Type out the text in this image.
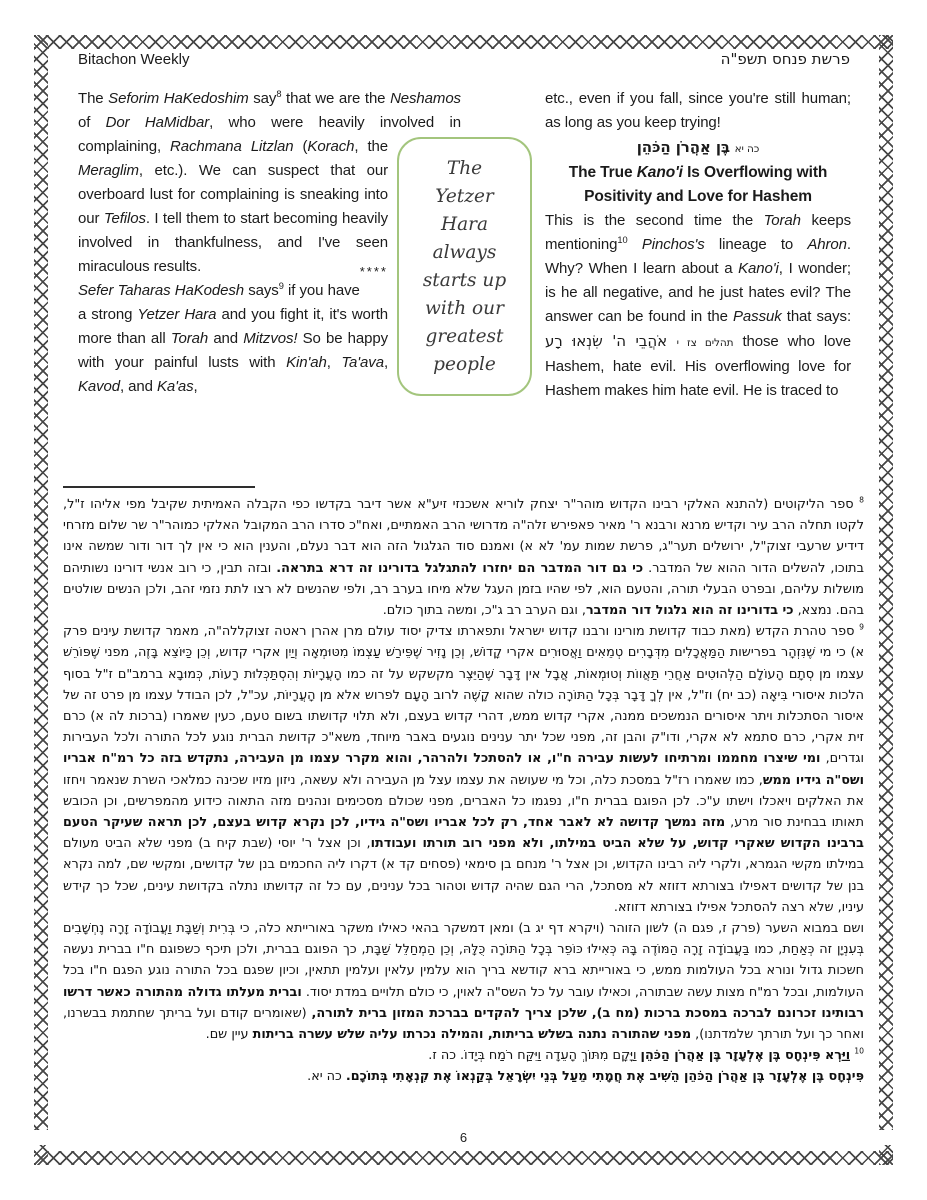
Bitachon Weekly	פרשת פנחס תשפ"ה

The Seforim HaKedoshim say$^8$ that we are the Neshamos of Dor HaMidbar, who were heavily involved in complaining, Rachmana Litzlan (Korach, the Meraglim, etc.). We can suspect that our overboard lust for complaining is sneaking into our Tefilos. I tell them to start becoming heavily involved in thankfulness, and I've seen miraculous results.	****

Sefer Taharas HaKodesh says$^9$ if you have a strong Yetzer Hara and you fight it, it's worth more than all Torah and Mitzvos! So be happy with your painful lusts with Kin'ah, Ta'ava, Kavod, and Ka'as,

The
Yetzer
Hara
always
starts up
with our
greatest
people

etc., even if you fall, since you're still human; as long as you keep trying!

כה יא בֶּן אַהֲרֹן הַכֹּהֵן
The True Kano'i Is Overflowing with Positivity and Love for Hashem

This is the second time the Torah keeps mentioning$^{10}$ Pinchos's lineage to Ahron. Why? When I learn about a Kano'i, I wonder; is he all negative, and he just hates evil? The answer can be found in the Passuk that says: תהלים צז י אֹהֲבֵי ה' שִׂנְאוּ רָע	those who love Hashem, hate evil. His overflowing love for Hashem makes him hate evil. He is traced to

$^8$ ספר הליקוטים (להתנא האלקי רבינו הקדוש מוהר"ר יצחק לוריא אשכנזי זיע"א אשר דיבר בקדשו כפי הקבלה האמיתית שקיבל מפי אליהו ז"ל, לקטו תחלה הרב עיר וקדיש מרנא ורבנא ר' מאיר פאפירש זלה"ה מדרושי הרב האמתיים, ואח"כ סדרו הרב המקובל האלקי כמוהר"ר שר שלום מזרחי דידיע שרעבי זצוק"ל, ירושלים תער"ג, פרשת שמות עמ' לא א) ואמנם סוד הגלגול הזה הוא דבר נעלם, והענין הוא כי אין לך דור ודור שמשה אינו בתוכו, להשלים הדור ההוא של המדבר. כי גם דור המדבר הם יחזרו להתגלגל בדורינו זה דרא בתראה. ובזה תבין, כי רוב אנשי דורינו נשותיהם מושלות עליהם, ובפרט הבעלי תורה, והטעם הוא, לפי שהיו בזמן העגל שלא מיחו בערב רב, ולפי שהנשים לא רצו לתת נזמי זהב, ולכן הנשים שולטים בהם. נמצא, כי בדורינו זה הוא גלגול דור המדבר, וגם הערב רב ג"כ, ומשה בתוך כולם.

$^9$ ספר טהרת הקדש (מאת כבוד קדושת מורינו ורבנו קדוש ישראל ותפארתו צדיק יסוד עולם מרן אהרן ראטה זצוקללה"ה, מאמר קדושת עינים פרק א) כי מי שֶׁנִּזְהָר בפרישות הַמַּאֲכָלִים מִדְּבָרִים טְמֵאִים וַאֲסוּרִים אקרי קָדוֹשׁ, וְכֵן נָזִיר שֶׁפֵּירַשׁ עַצְמוֹ מִטּוּמְאָה וְיַיִן אקרי קדוש, וְכֵן כַּיּוֹצֵא בָּזֶה, מפני שֶׁפּוֹרֵשׁ עצמו מן סְתָם הָעוֹלָם הַלְּהוּטִים אַחֲרֵי תַּאֲווֹת וְטוּמְאוֹת, אֲבָל אין דָּבָר שֶׁהַיֵּצֶר מקשקש על זה כמו הָעֲרָיוֹת וְהִסְתַּכְּלוּת רָעוֹת, כְּמוּבָא ברמב"ם ז"ל בסוף הלכות איסורי בִּיאָה (כב יח) וז"ל, אין לְךָ דָּבָר בְּכָל הַתּוֹרָה כולה שהוא קָשֶׁה לרוב הָעָם לפרוש אלא מן הָעֲרָיוֹת, עכ"ל, לכן הבודל עצמו מן פרט זה של איסור הסתכלות ויתר איסורים הנמשכים ממנה, אקרי קדוש ממש, דהרי קדוש בעצם, ולא תלוי קדושתו בשום טעם, כעין שאמרו (ברכות לה א) כרם זית אקרי, כרם סתמא לא אקרי, ודו"ק והבן זה, מפני שכל יתר ענינים נוגעים באבר מיוחד, משא"כ קדושת הברית נוגע לכל התורה ולכל העבירות וגדרים, ומי שיצרו מחממו ומרתיחו לעשות עבירה ח"ו, או להסתכל ולהרהר, והוא מקרר עצמו מן העבירה, נתקדש בזה כל רמ"ח אבריו ושס"ה גידיו ממש, כמו שאמרו רז"ל במסכת כלה, וכל מי שעושה את עצמו עצל מן העבירה ולא עשאה, ניזון מזיו שכינה כמלאכי השרת שנאמר ויחזו את האלקים ויאכלו וישתו ע"כ. לכן הפוגם בברית ח"ו, נפגמו כל האברים, מפני שכולם מסכימים ונהנים מזה התאוה כידוע מהמפרשים, וכן הכובש תאותו בבחינת סור מרע, מזה נמשך קדושה לא לאבר אחד, רק לכל אבריו ושס"ה גידיו, לכן נקרא קדוש בעצם, לכן תראה שעיקר הטעם ברבינו הקדוש שאקרי קדוש, על שלא הביט במילתו, ולא מפני רוב תורתו ועבודתו, וכן אצל ר' יוסי (שבת קיח ב) מפני שלא הביט מעולם במילתו מקשי הגמרא, ולקרי ליה רבינו הקדוש, וכן אצל ר' מנחם בן סימאי (פסחים קד א) דקרו ליה החכמים בנן של קדושים, ומקשי שם, למה נקרא בנן של קדושים דאפילו בצורתא דזוזא לא מסתכל, הרי הגם שהיה קדוש וטהור בכל ענינים, עם כל זה קדושתו נתלה בקדושת עינים, שכל כך קידש עיניו, שלא רצה להסתכל אפילו בצורתא דזוזא.

ושם במבוא השער (פרק ז, פגם ה) לשון הזוהר (ויקרא דף יג ב) ומאן דמשקר בהאי כאילו משקר באורייתא כלה, כי בְּרִית וְשַׁבָּת וַעֲבוֹדָה זָרָה נֶחְשָׁבִים בְּעִנְיָן זה כְּאַחַת, כמו בַּעֲבוֹדָה זָרָה הַמּוֹדֶה בָּהּ כְּאִילוּ כּוֹפֵר בְּכָל הַתּוֹרָה כֻּלָּהּ, וְכֵן הַמְחַלֵּל שַׁבָּת, כך הפוגם בברית, ולכן תיכף כשפוגם ח"ו בברית נעשה חשכות גדול ונורא בכל העולמות ממש, כי באורייתא ברא קודשא בריך הוא עלמין עלאין ועלמין תתאין, וכיון שפגם בכל התורה נוגע הפגם ח"ו בכל העולמות, ובכל רמ"ח מצות עשה שבתורה, וכאילו עובר על כל השס"ה לאוין, כי כולם תלויים במדת יסוד. וברית מעלתו גדולה מהתורה כאשר דרשו רבותינו זכרונם לברכה במסכת ברכות (מח ב), שלכן צריך להקדים בברכת המזון ברית לתורה, (שאומרים קודם ועל בריתך שחתמת בבשרנו, ואחר כך ועל תורתך שלמדתנו), מפני שהתורה נתנה בשלש בריתות, והמילה נכרתו עליה שלש עשרה בריתות עיין שם.

$^{10}$ וַיַּרְא פִּינְחָס בֶּן אֶלְעָזָר בֶּן אַהֲרֹן הַכֹּהֵן וַיָּקָם מִתּוֹךְ הָעֵדָה וַיִּקַּח רֹמַח בְּיָדוֹ. כה ז.

פִּינְחָס בֶּן אֶלְעָזָר בֶּן אַהֲרֹן הַכֹּהֵן הֵשִׁיב אֶת חֲמָתִי מֵעַל בְּנֵי יִשְׂרָאֵל בְּקַנְאוֹ אֶת קִנְאָתִי בְּתוֹכָם. כה יא.

6
